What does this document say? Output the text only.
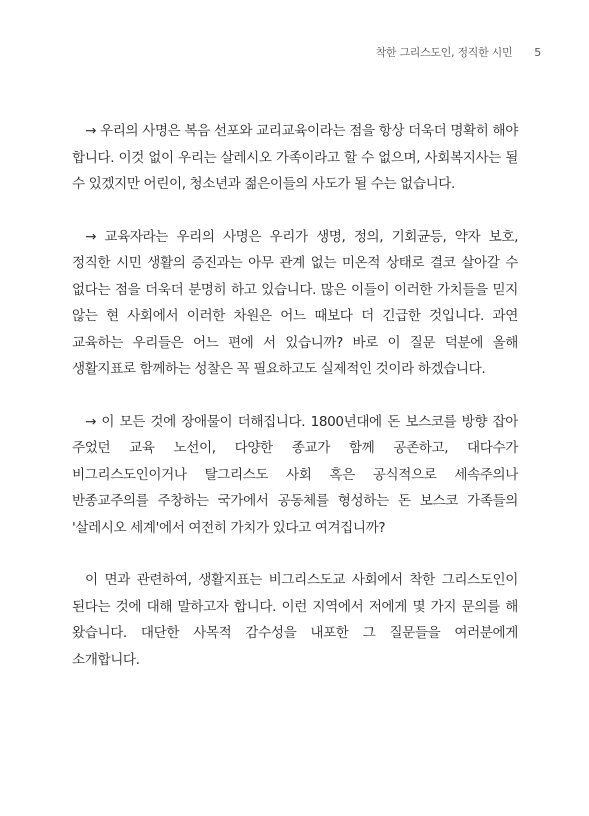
착한 그리스도인, 정직한 시민 5

→ 우리의 사명은 복음 선포와 교리교육이라는 점을 항상 더욱더 명확히 해야 합니다. 이것 없이 우리는 살레시오 가족이라고 할 수 없으며, 사회복지사는 될 수 있겠지만 어린이, 청소년과 젊은이들의 사도가 될 수는 없습니다.

→ 교육자라는 우리의 사명은 우리가 생명, 정의, 기회균등, 약자 보호, 정직한 시민 생활의 증진과는 아무 관계 없는 미온적 상태로 결코 살아갈 수 없다는 점을 더욱더 분명히 하고 있습니다. 많은 이들이 이러한 가치들을 믿지 않는 현 사회에서 이러한 차원은 어느 때보다 더 긴급한 것입니다. 과연 교육하는 우리들은 어느 편에 서 있습니까? 바로 이 질문 덕분에 올해 생활지표로 함께하는 성찰은 꼭 필요하고도 실제적인 것이라 하겠습니다.

→ 이 모든 것에 장애물이 더해집니다. 1800년대에 돈 보스코를 방향 잡아 주었던 교육 노선이, 다양한 종교가 함께 공존하고, 대다수가 비그리스도인이거나 탈그리스도 사회 혹은 공식적으로 세속주의나 반종교주의를 주창하는 국가에서 공동체를 형성하는 돈 보스코 가족들의 '살레시오 세계'에서 여전히 가치가 있다고 여겨집니까?

이 면과 관련하여, 생활지표는 비그리스도교 사회에서 착한 그리스도인이 된다는 것에 대해 말하고자 합니다. 이런 지역에서 저에게 몇 가지 문의를 해 왔습니다. 대단한 사목적 감수성을 내포한 그 질문들을 여러분에게 소개합니다.
